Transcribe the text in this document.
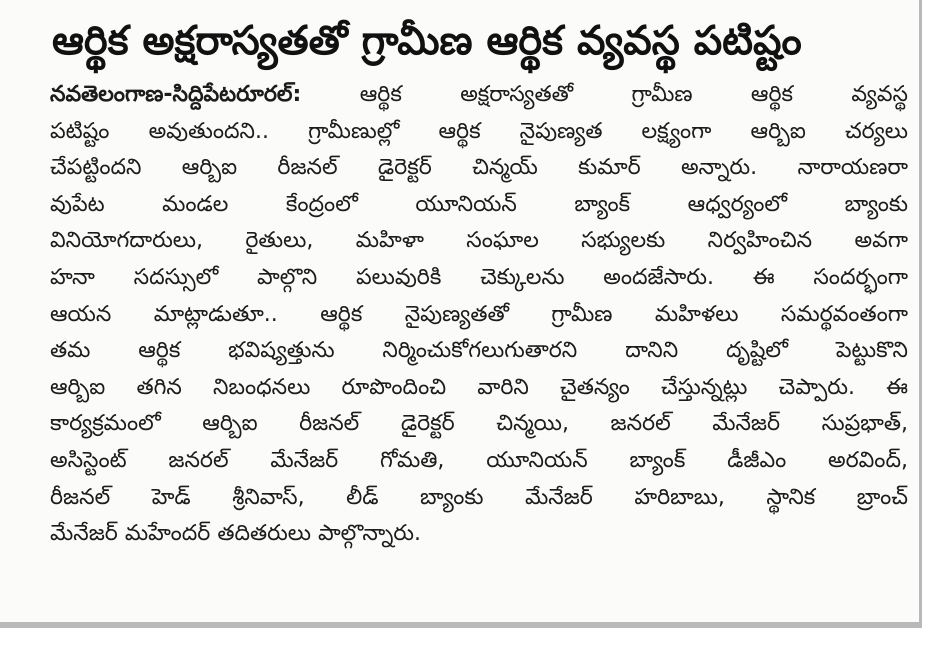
ఆర్థిక అక్షరాస్యతతో గ్రామీణ ఆర్థిక వ్యవస్థ పటిష్టం
నవతెలంగాణ-సిద్దిపేటరూరల్‌:	ఆర్థిక అక్షరాస్యతతో గ్రామీణ ఆర్థిక వ్యవస్థ
పటిష్టం అవుతుందని.. గ్రామీణుల్లో ఆర్థిక నైపుణ్యత లక్ష్యంగా ఆర్బిఐ చర్యలు
చేపట్టిందని ఆర్బిఐ రీజనల్‌ డైరెక్టర్‌ చిన్మయ్‌ కుమార్‌ అన్నారు. నారాయణరా
వుపేట మండల కేంద్రంలో యూనియన్‌ బ్యాంక్‌ ఆధ్వర్యంలో బ్యాంకు
వినియోగదారులు, రైతులు, మహిళా సంఘాల సభ్యులకు నిర్వహించిన అవగా
హనా సదస్సులో పాల్గొని పలువురికి చెక్కులను అందజేసారు. ఈ సందర్భంగా
ఆయన మాట్లాడుతూ.. ఆర్థిక నైపుణ్యతతో గ్రామీణ మహిళలు సమర్థవంతంగా
తమ ఆర్థిక భవిష్యత్తును నిర్మించుకోగలుగుతారని దానిని దృష్టిలో పెట్టుకొని
ఆర్బిఐ తగిన నిబంధనలు రూపొందించి వారిని చైతన్యం చేస్తున్నట్లు చెప్పారు. ఈ
కార్యక్రమంలో ఆర్బిఐ రీజనల్‌ డైరెక్టర్‌ చిన్మయి, జనరల్‌ మేనేజర్‌ సుప్రభాత్‌,
అసిస్టెంట్‌ జనరల్‌ మేనేజర్‌ గోమతి, యూనియన్‌ బ్యాంక్‌ డీజీఎం అరవింద్‌,
రీజనల్‌ హెడ్‌ శ్రీనివాస్‌, లీడ్‌ బ్యాంకు మేనేజర్‌ హరిబాబు, స్థానిక బ్రాంచ్‌
మేనేజర్‌ మహేందర్‌ తదితరులు పాల్గొన్నారు.
